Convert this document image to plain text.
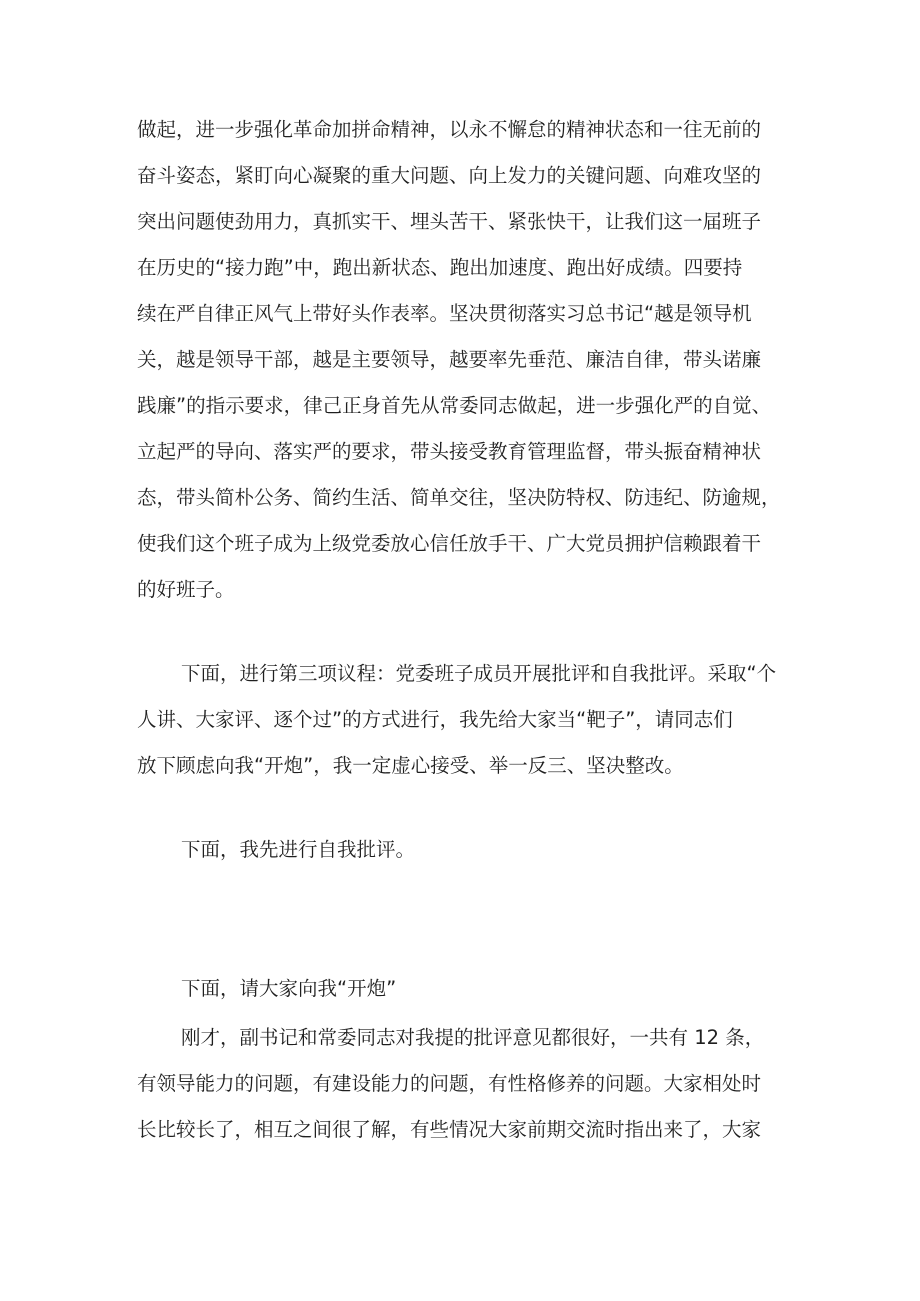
做起，进一步强化革命加拼命精神，以永不懈怠的精神状态和一往无前的
奋斗姿态，紧盯向心凝聚的重大问题、向上发力的关键问题、向难攻坚的
突出问题使劲用力，真抓实干、埋头苦干、紧张快干，让我们这一届班子
在历史的“接力跑”中，跑出新状态、跑出加速度、跑出好成绩。四要持
续在严自律正风气上带好头作表率。坚决贯彻落实习总书记“越是领导机
关，越是领导干部，越是主要领导，越要率先垂范、廉洁自律，带头诺廉
践廉”的指示要求，律己正身首先从常委同志做起，进一步强化严的自觉、
立起严的导向、落实严的要求，带头接受教育管理监督，带头振奋精神状
态，带头简朴公务、简约生活、简单交往，坚决防特权、防违纪、防逾规，
使我们这个班子成为上级党委放心信任放手干、广大党员拥护信赖跟着干
的好班子。
下面，进行第三项议程：党委班子成员开展批评和自我批评。采取“个
人讲、大家评、逐个过”的方式进行，我先给大家当“靶子”，请同志们
放下顾虑向我“开炮”，我一定虚心接受、举一反三、坚决整改。
下面，我先进行自我批评。
下面，请大家向我“开炮”
刚才，副书记和常委同志对我提的批评意见都很好，一共有 12 条，
有领导能力的问题，有建设能力的问题，有性格修养的问题。大家相处时
长比较长了，相互之间很了解，有些情况大家前期交流时指出来了，大家
